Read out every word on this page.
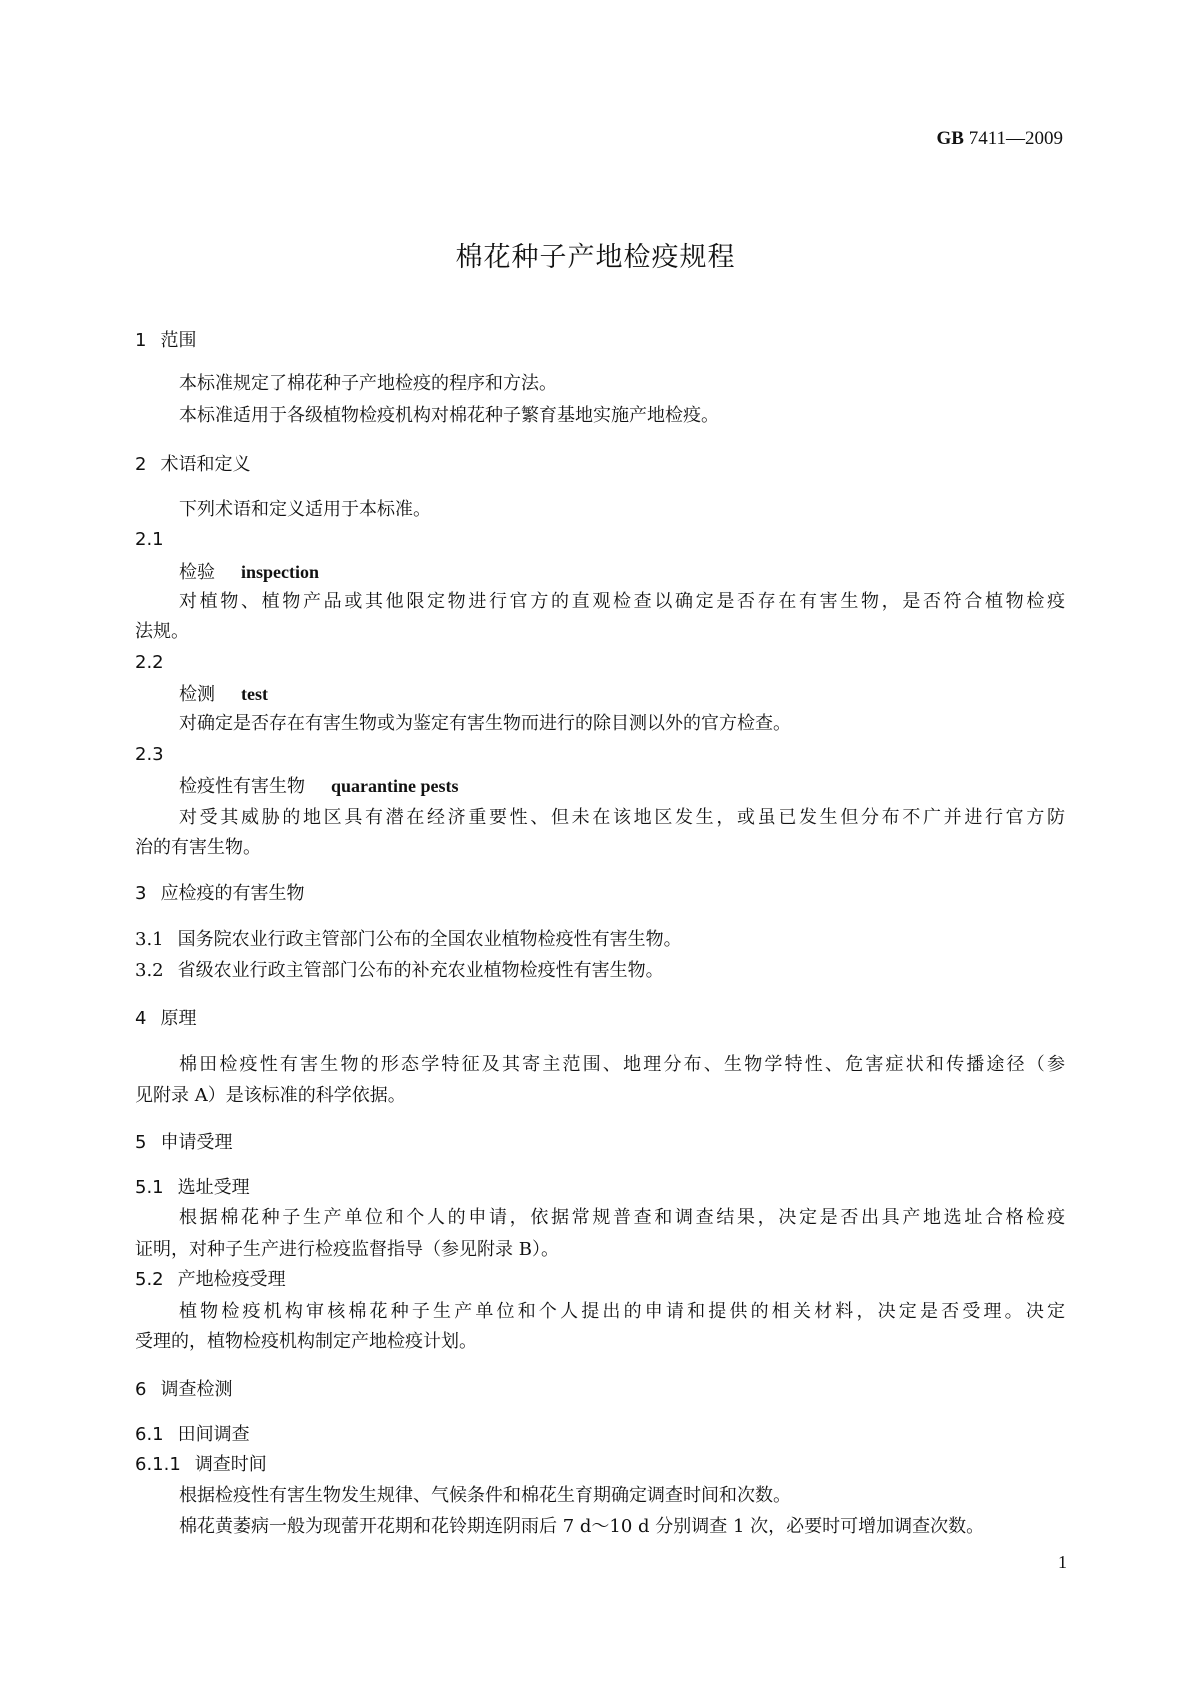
GB 7411—2009
棉花种子产地检疫规程
1 范围
本标准规定了棉花种子产地检疫的程序和方法。
本标准适用于各级植物检疫机构对棉花种子繁育基地实施产地检疫。
2 术语和定义
下列术语和定义适用于本标准。
2.1
检验 inspection
对植物、植物产品或其他限定物进行官方的直观检查以确定是否存在有害生物，是否符合植物检疫
法规。
2.2
检测 test
对确定是否存在有害生物或为鉴定有害生物而进行的除目测以外的官方检查。
2.3
检疫性有害生物 quarantine pests
对受其威胁的地区具有潜在经济重要性、但未在该地区发生，或虽已发生但分布不广并进行官方防
治的有害生物。
3 应检疫的有害生物
3.1 国务院农业行政主管部门公布的全国农业植物检疫性有害生物。
3.2 省级农业行政主管部门公布的补充农业植物检疫性有害生物。
4 原理
棉田检疫性有害生物的形态学特征及其寄主范围、地理分布、生物学特性、危害症状和传播途径（参
见附录 A）是该标准的科学依据。
5 申请受理
5.1 选址受理
根据棉花种子生产单位和个人的申请，依据常规普查和调查结果，决定是否出具产地选址合格检疫
证明，对种子生产进行检疫监督指导（参见附录 B）。
5.2 产地检疫受理
植物检疫机构审核棉花种子生产单位和个人提出的申请和提供的相关材料，决定是否受理。决定
受理的，植物检疫机构制定产地检疫计划。
6 调查检测
6.1 田间调查
6.1.1 调查时间
根据检疫性有害生物发生规律、气候条件和棉花生育期确定调查时间和次数。
棉花黄萎病一般为现蕾开花期和花铃期连阴雨后 7 d～10 d 分别调查 1 次，必要时可增加调查次数。
1
